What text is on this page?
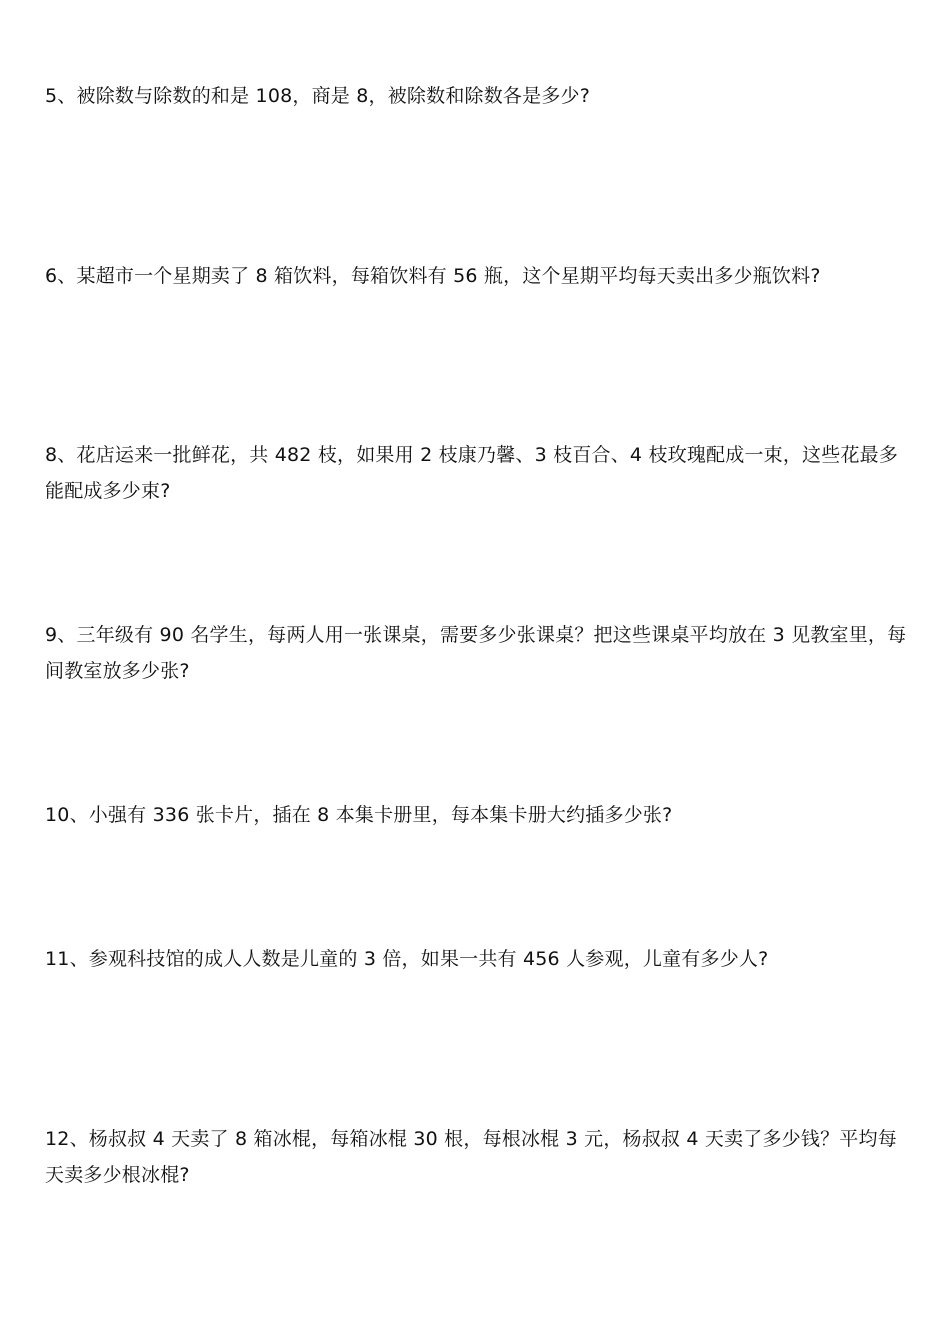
5、被除数与除数的和是 108，商是 8，被除数和除数各是多少?
6、某超市一个星期卖了 8 箱饮料，每箱饮料有 56 瓶，这个星期平均每天卖出多少瓶饮料?
8、花店运来一批鲜花，共 482 枝，如果用 2 枝康乃馨、3 枝百合、4 枝玫瑰配成一束，这些花最多能配成多少束?
9、三年级有 90 名学生，每两人用一张课桌，需要多少张课桌？把这些课桌平均放在 3 见教室里，每间教室放多少张?
10、小强有 336 张卡片，插在 8 本集卡册里，每本集卡册大约插多少张?
11、参观科技馆的成人人数是儿童的 3 倍，如果一共有 456 人参观，儿童有多少人?
12、杨叔叔 4 天卖了 8 箱冰棍，每箱冰棍 30 根，每根冰棍 3 元，杨叔叔 4 天卖了多少钱？平均每天卖多少根冰棍?
